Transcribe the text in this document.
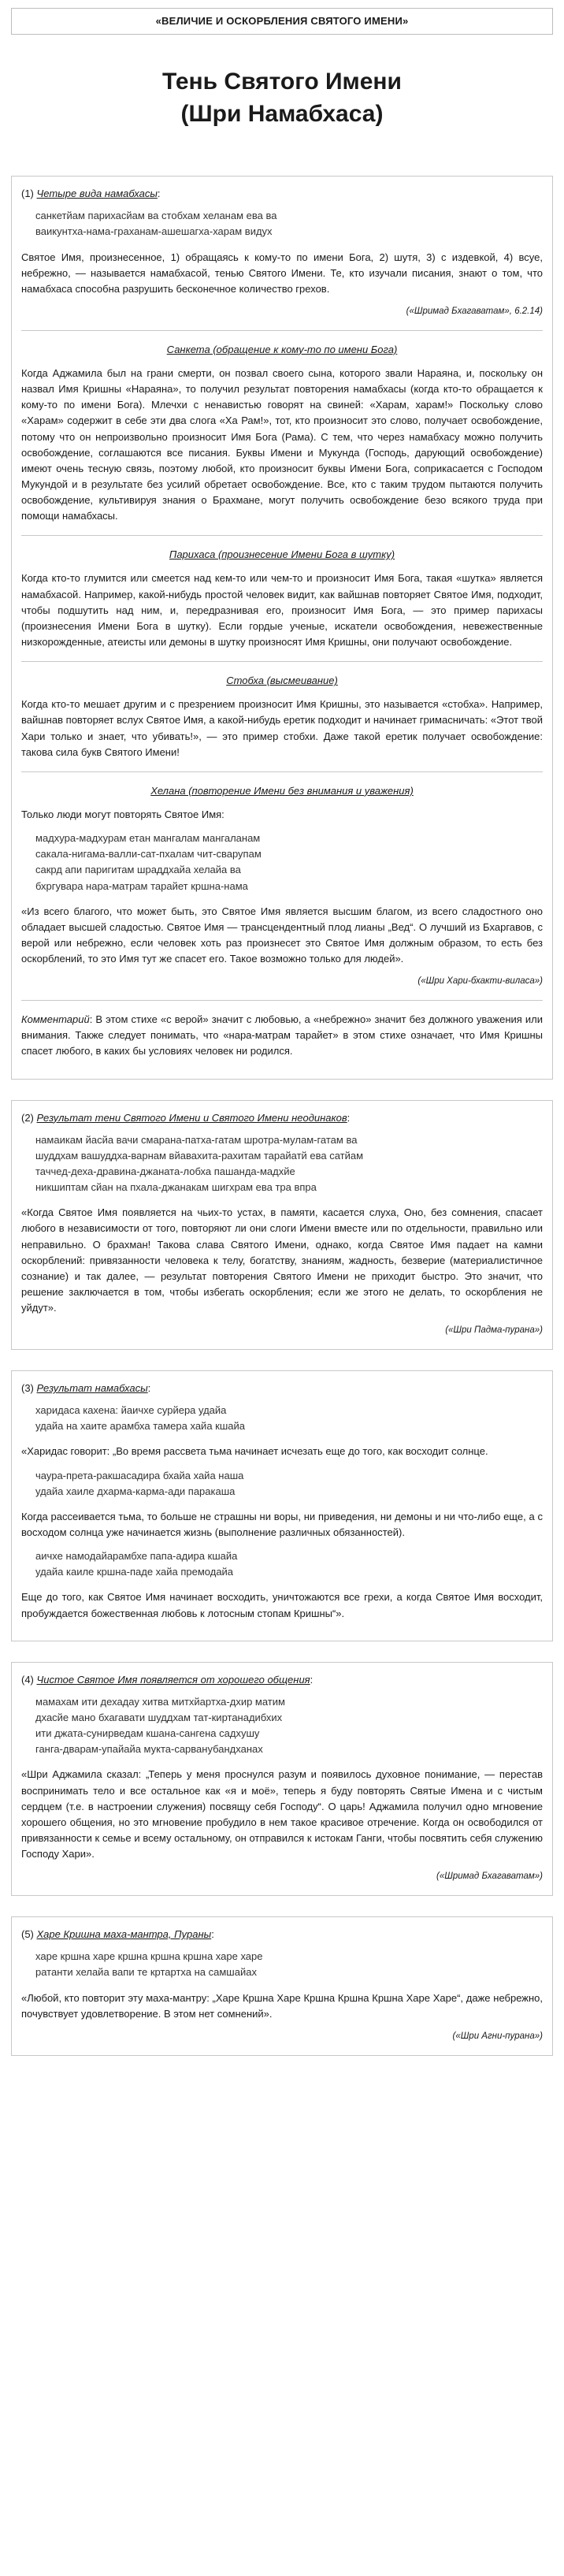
«ВЕЛИЧИЕ И ОСКОРБЛЕНИЯ СВЯТОГО ИМЕНИ»
Тень Святого Имени
(Шри Намабхаса)
(1) Четыре вида намабхасы:
санкетйам парихасйам ва стобхам хеланам ева ва
ваикунтха-нама-граханам-ашешагха-харам видух

Святое Имя, произнесенное, 1) обращаясь к кому-то по имени Бога, 2) шутя, 3) с издевкой, 4) всуе, небрежно, — называется намабхасой, тенью Святого Имени. Те, кто изучали писания, знают о том, что намабхаса способна разрушить бесконечное количество грехов.

(«Шримад Бхагаватам», 6.2.14)
Санкета (обращение к кому-то по имени Бога)

Когда Аджамила был на грани смерти, он позвал своего сына, которого звали Нараяна, и, поскольку он назвал Имя Кришны «Нараяна», то получил результат повторения намабхасы (когда кто-то обращается к кому-то по имени Бога). Млечхи с ненавистью говорят на свиней: «Харам, харам!» Поскольку слово «Харам» содержит в себе эти два слога «Ха Рам!», тот, кто произносит это слово, получает освобождение, потому что он непроизвольно произносит Имя Бога (Рама). С тем, что через намабхасу можно получить освобождение, соглашаются все писания. Буквы Имени и Мукунда (Господь, дарующий освобождение) имеют очень тесную связь, поэтому любой, кто произносит буквы Имени Бога, соприкасается с Господом Мукундой и в результате без усилий обретает освобождение. Все, кто с таким трудом пытаются получить освобождение, культивируя знания о Брахмане, могут получить освобождение безо всякого труда при помощи намабхасы.

Парихаса (произнесение Имени Бога в шутку)

Когда кто-то глумится или смеется над кем-то или чем-то и произносит Имя Бога, такая «шутка» является намабхасой. Например, какой-нибудь простой человек видит, как вайшнав повторяет Святое Имя, подходит, чтобы подшутить над ним, и, передразнивая его, произносит Имя Бога, — это пример парихасы (произнесения Имени Бога в шутку). Если гордые ученые, искатели освобождения, невежественные низкорожденные, атеисты или демоны в шутку произносят Имя Кришны, они получают освобождение.

Стобха (высмеивание)

Когда кто-то мешает другим и с презрением произносит Имя Кришны, это называется «стобха». Например, вайшнав повторяет вслух Святое Имя, а какой-нибудь еретик подходит и начинает гримасничать: «Этот твой Хари только и знает, что убивать!», — это пример стобхи. Даже такой еретик получает освобождение: такова сила букв Святого Имени!

Хелана (повторение Имени без внимания и уважения)

Только люди могут повторять Святое Имя:

мадхура-мадхурам етан мангалам мангаланам
сакала-нигама-валли-сат-пхалам чит-сварупам
сакрд апи паригитам шраддхайа хелайа ва
бхргувара нара-матрам тарайет кршна-нама

«Из всего благого, что может быть, это Святое Имя является высшим благом, из всего сладостного оно обладает высшей сладостью. Святое Имя — трансцендентный плод лианы „Вед“. О лучший из Бхаргавов, с верой или небрежно, если человек хоть раз произнесет это Святое Имя должным образом, то есть без оскорблений, то это Имя тут же спасет его. Такое возможно только для людей».

(«Шри Хари-бхакти-виласа»)

Комментарий: В этом стихе «с верой» значит с любовью, а «небрежно» значит без должного уважения или внимания. Также следует понимать, что «нара-матрам тарайет» в этом стихе означает, что Имя Кришны спасет любого, в каких бы условиях человек ни родился.

(2) Результат тени Святого Имени и Святого Имени неодинаков:
намаикам йасйа вачи смарана-патха-гатам шротра-мулам-гатам ва
шуддхам вашуддха-варнам вйавахита-рахитам тарайатй ева сатйам
таччед-деха-дравина-джаната-лобха пашанда-мадхйе
никшиптам сйан на пхала-джанакам шигхрам ева тра впра

«Когда Святое Имя появляется на чьих-то устах, в памяти, касается слуха, Оно, без сомнения, спасает любого в независимости от того, повторяют ли они слоги Имени вместе или по отдельности, правильно или неправильно. О брахман! Такова слава Святого Имени, однако, когда Святое Имя падает на камни оскорблений: привязанности человека к телу, богатству, знаниям, жадность, безверие (материалистичное сознание) и так далее, — результат повторения Святого Имени не приходит быстро. Это значит, что решение заключается в том, чтобы избегать оскорбления; если же этого не делать, то оскорбления не уйдут».

(«Шри Падма-пурана»)
(3) Результат намабхасы:
харидаса кахена: йаичхе сурйера удайа
удайа на хаите арамбха тамера хайа кшайа

«Харидас говорит: „Во время рассвета тьма начинает исчезать еще до того, как восходит солнце.

чаура-прета-ракшасадира бхайа хайа наша
удайа хаиле дхарма-карма-ади паракаша

Когда рассеивается тьма, то больше не страшны ни воры, ни приведения, ни демоны и ни что-либо еще, а с восходом солнца уже начинается жизнь (выполнение различных обязанностей).

аичхе намодайарамбхе папа-адира кшайа
удайа каиле кршна-паде хайа премодайа

Еще до того, как Святое Имя начинает восходить, уничтожаются все грехи, а когда Святое Имя восходит, пробуждается божественная любовь к лотосным стопам Кришны“».

(4) Чистое Святое Имя появляется от хорошего общения:
мамахам ити дехадау хитва митхйартха-дхир матим
дхасйе мано бхагавати шуддхам тат-киртанадибхих
ити джата-сунирведам кшана-сангена садхушу
ганга-дварам-упайайа мукта-сарванубандханах

«Шри Аджамила сказал: „Теперь у меня проснулся разум и появилось духовное понимание, — перестав воспринимать тело и все остальное как «я и моё», теперь я буду повторять Святые Имена и с чистым сердцем (т.е. в настроении служения) посвящу себя Господу“. О царь! Аджамила получил одно мгновение хорошего общения, но это мгновение пробудило в нем такое красивое отречение. Когда он освободился от привязанности к семье и всему остальному, он отправился к истокам Ганги, чтобы посвятить себя служению Господу Хари».

(«Шримад Бхагаватам»)
(5) Харе Кришна маха-мантра, Пураны:
харе кршна харе кршна кршна кршна харе харе
ратанти хелайа вапи те кртартха на самшайах

«Любой, кто повторит эту маха-мантру: „Харе Кршна Харе Кршна Кршна Кршна Харе Харе“, даже небрежно, почувствует удовлетворение. В этом нет сомнений».

(«Шри Агни-пурана»)
